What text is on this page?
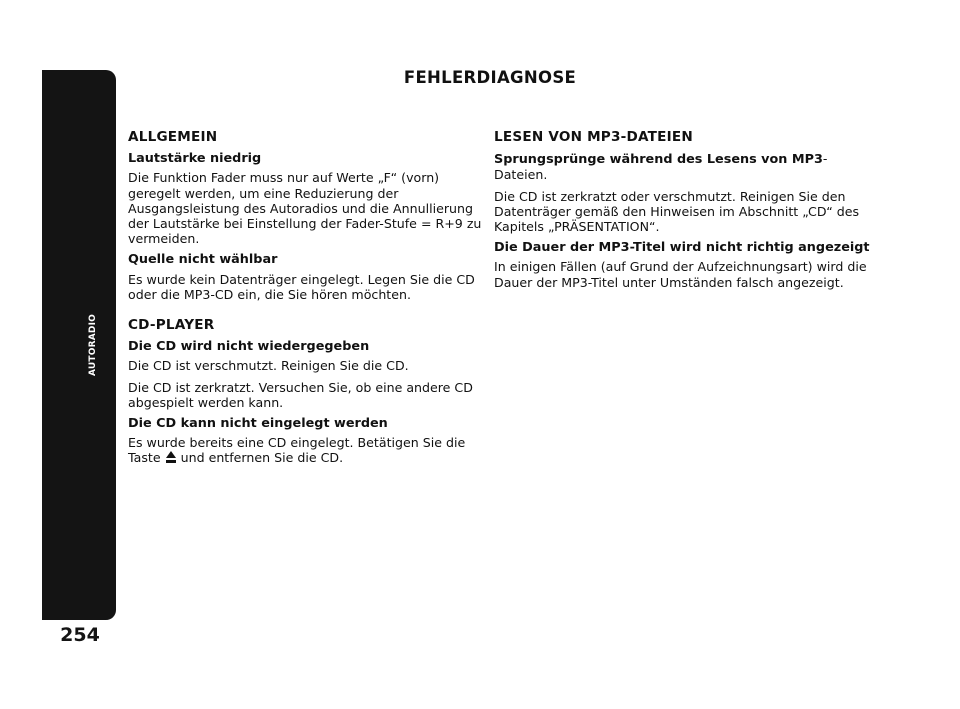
AUTORADIO
254
FEHLERDIAGNOSE
ALLGEMEIN
Lautstärke niedrig
Die Funktion Fader muss nur auf Werte „F“ (vorn) geregelt werden, um eine Reduzierung der Ausgangsleistung des Autoradios und die Annullierung der Lautstärke bei Einstellung der Fader-Stufe = R+9 zu vermeiden.
Quelle nicht wählbar
Es wurde kein Datenträger eingelegt. Legen Sie die CD oder die MP3-CD ein, die Sie hören möchten.
CD-PLAYER
Die CD wird nicht wiedergegeben
Die CD ist verschmutzt. Reinigen Sie die CD.
Die CD ist zerkratzt. Versuchen Sie, ob eine andere CD abgespielt werden kann.
Die CD kann nicht eingelegt werden
Es wurde bereits eine CD eingelegt. Betätigen Sie die Taste und entfernen Sie die CD.
LESEN VON MP3-DATEIEN
Sprungsprünge während des Lesens von MP3-Dateien.
Die CD ist zerkratzt oder verschmutzt. Reinigen Sie den Datenträger gemäß den Hinweisen im Abschnitt „CD“ des Kapitels „PRÄSENTATION“.
Die Dauer der MP3-Titel wird nicht richtig angezeigt
In einigen Fällen (auf Grund der Aufzeichnungsart) wird die Dauer der MP3-Titel unter Umständen falsch angezeigt.
